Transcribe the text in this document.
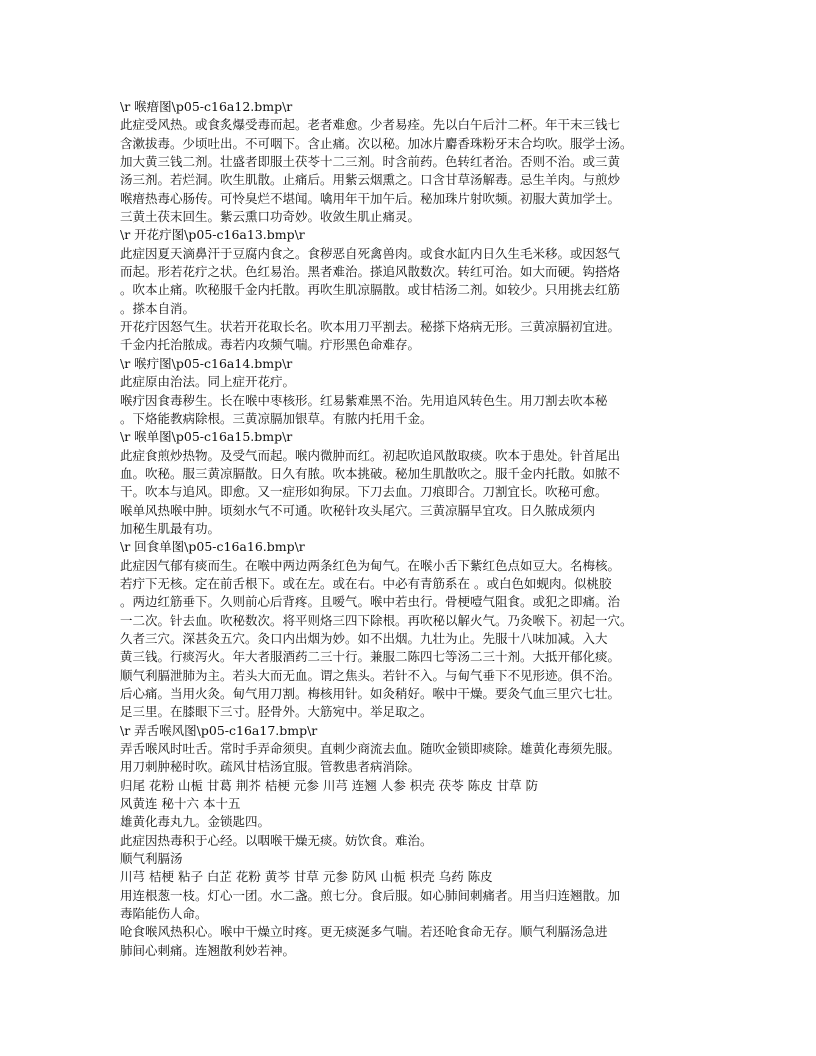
\r 喉瘄图\p05-c16a12.bmp\r
此症受风热。或食炙爆受毒而起。老者难愈。少者易痊。先以白午后汁二杯。年干末三钱七
含漱拔毒。少顷吐出。不可咽下。含止痛。次以秘。加冰片麝香珠粉牙末合均吹。服学士汤。
加大黄三钱二剂。壮盛者即服土茯苓十二三剂。时含前药。色转红者治。否则不治。或三黄
汤三剂。若烂洞。吹生肌散。止痛后。用紫云烟熏之。口含甘草汤解毒。忌生羊肉。与煎炒
喉瘄热毒心肠传。可怜臭烂不堪闻。噙用年干加午后。秘加珠片射吹频。初服大黄加学士。
三黄土茯末回生。紫云熏口功奇妙。收敛生肌止痛灵。
\r 开花疔图\p05-c16a13.bmp\r
此症因夏天滴鼻汗于豆腐内食之。食秽恶自死禽兽肉。或食水缸内日久生毛米移。或因怒气
而起。形若花疔之状。色红易治。黑者难治。搽追风散数次。转红可治。如大而硬。钩搭烙
。吹本止痛。吹秘服千金内托散。再吹生肌凉膈散。或甘桔汤二剂。如较少。只用挑去红筋
。搽本自消。
开花疔因怒气生。状若开花取长名。吹本用刀平割去。秘搽下烙病无形。三黄凉膈初宜进。
千金内托治脓成。毒若内攻频气喘。疔形黑色命难存。
\r 喉疔图\p05-c16a14.bmp\r
此症原由治法。同上症开花疔。
喉疔因食毒秽生。长在喉中枣核形。红易紫难黑不治。先用追风转色生。用刀割去吹本秘
。下烙能教病除根。三黄凉膈加银草。有脓内托用千金。
\r 喉单图\p05-c16a15.bmp\r
此症食煎炒热物。及受气而起。喉内微肿而红。初起吹追风散取痰。吹本于患处。针首尾出
血。吹秘。服三黄凉膈散。日久有脓。吹本挑破。秘加生肌散吹之。服千金内托散。如脓不
干。吹本与追风。即愈。又一症形如狗尿。下刀去血。刀痕即合。刀割宜长。吹秘可愈。
喉单风热喉中肿。顷刻水气不可通。吹秘针攻头尾穴。三黄凉膈早宜攻。日久脓成须内
加秘生肌最有功。
\r 回食单图\p05-c16a16.bmp\r
此症因气郁有痰而生。在喉中两边两条红色为甸气。在喉小舌下紫红色点如豆大。名梅核。
若疔下无核。定在前舌根下。或在左。或在右。中必有青筋系在 。或白色如蚬肉。似桃胶
。两边红筋垂下。久则前心后背疼。且嗳气。喉中若虫行。骨梗噎气阻食。或犯之即痛。治
一二次。针去血。吹秘数次。将平则烙三四下除根。再吹秘以解火气。乃灸喉下。初起一穴。
久者三穴。深甚灸五穴。灸口内出烟为妙。如不出烟。九壮为止。先服十八味加减。入大
黄三钱。行痰泻火。年大者服酒药二三十行。兼服二陈四七等汤二三十剂。大抵开郁化痰。
顺气利膈泄肺为主。若头大而无血。谓之焦头。若针不入。与甸气垂下不见形迹。俱不治。
后心痛。当用火灸。甸气用刀割。梅核用针。如灸稍好。喉中干燥。要灸气血三里穴七壮。
足三里。在膝眼下三寸。胫骨外。大筋宛中。举足取之。
\r 弄舌喉风图\p05-c16a17.bmp\r
弄舌喉风时吐舌。常时手弄命须臾。直刺少商流去血。随吹金锁即痰除。雄黄化毒须先服。
用刀刺肿秘时吹。疏风甘桔汤宜服。管教患者病消除。
归尾 花粉 山栀 甘葛 荆芥 桔梗 元参 川芎 连翘 人参 枳壳 茯苓 陈皮 甘草 防
风黄连 秘十六 本十五
雄黄化毒丸九。金锁匙四。
此症因热毒积于心经。以咽喉干燥无痰。妨饮食。难治。
顺气利膈汤
川芎 桔梗 粘子 白芷 花粉 黄芩 甘草 元参 防风 山栀 枳壳 乌药 陈皮
用连根葱一枝。灯心一团。水二盏。煎七分。食后服。如心肺间刺痛者。用当归连翘散。加
毒陷能伤人命。
呛食喉风热积心。喉中干燥立时疼。更无痰涎多气喘。若还呛食命无存。顺气利膈汤急进
肺间心刺痛。连翘散利妙若神。
